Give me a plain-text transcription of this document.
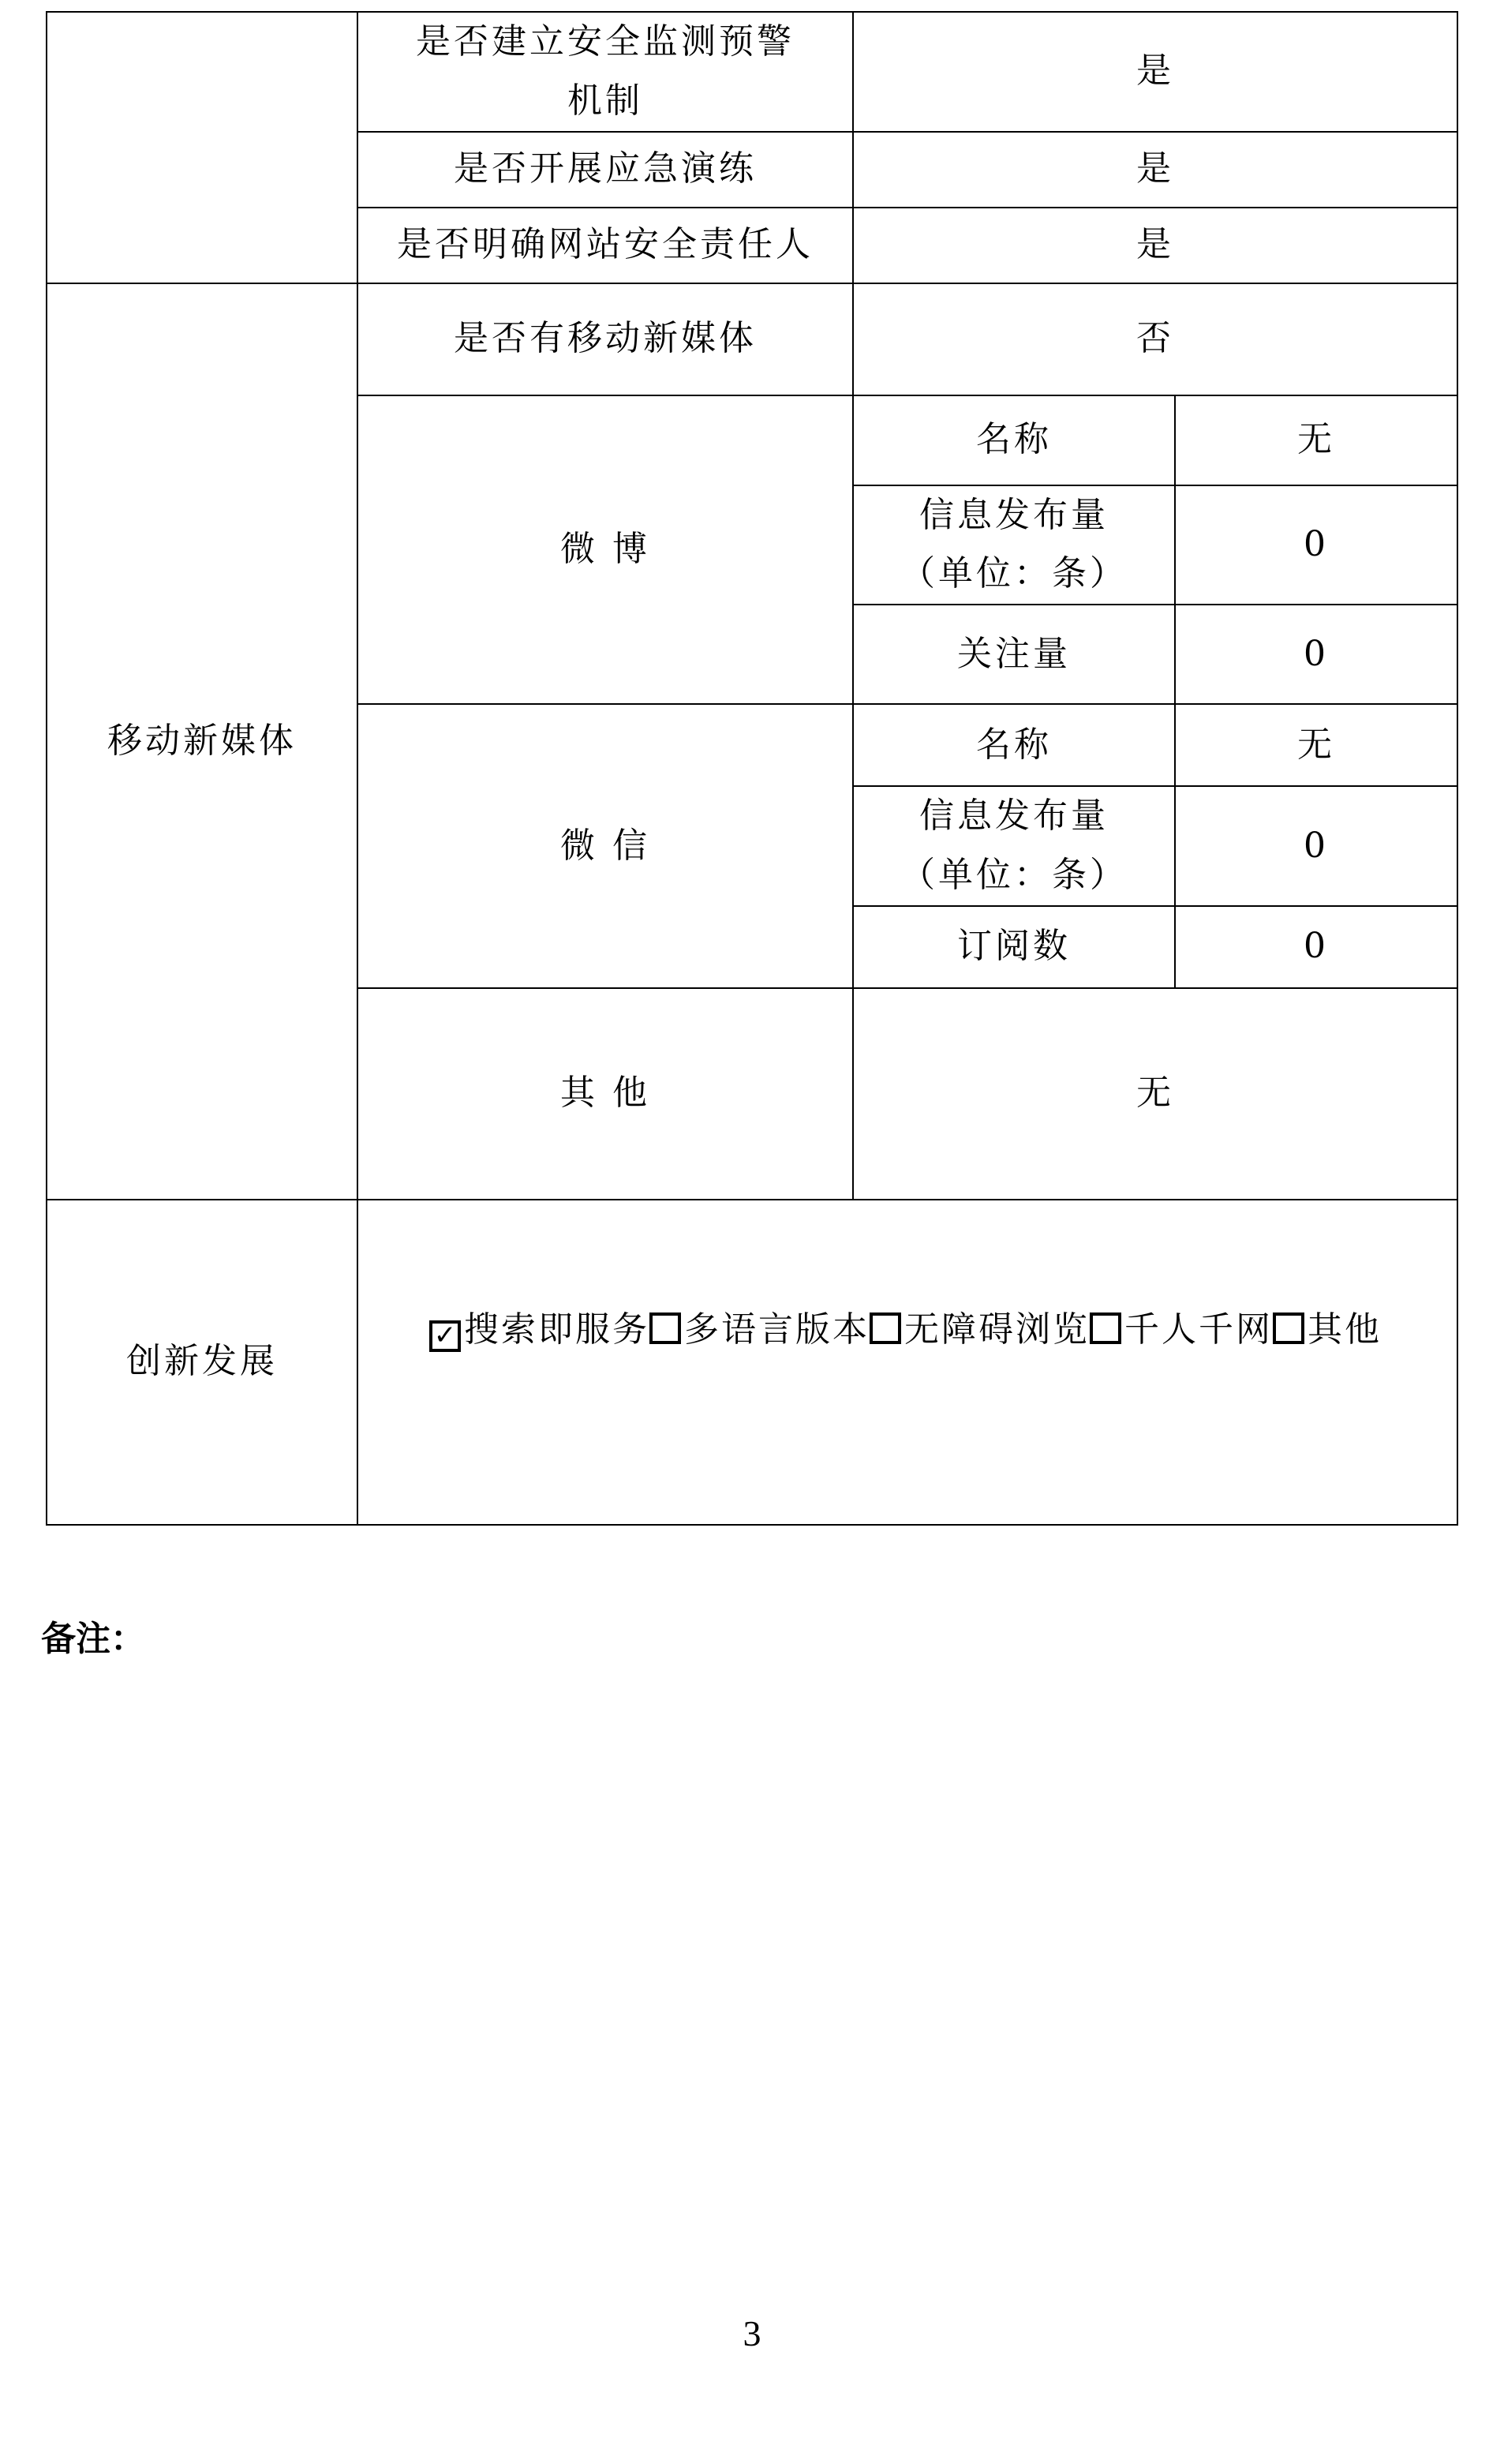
	是否建立安全监测预警机制	是	
	是否开展应急演练	是	
	是否明确网站安全责任人	是	
移动新媒体	是否有移动新媒体	否	
	微 博	名称	无
		信息发布量（单位：条）	0
		关注量	0
	微 信	名称	无
		信息发布量（单位：条）	0
		订阅数	0
	其 他	无	
创新发展	✓ 搜索即服务 多语言版本 无障碍浏览 千人千网 其他		
备注：
3
